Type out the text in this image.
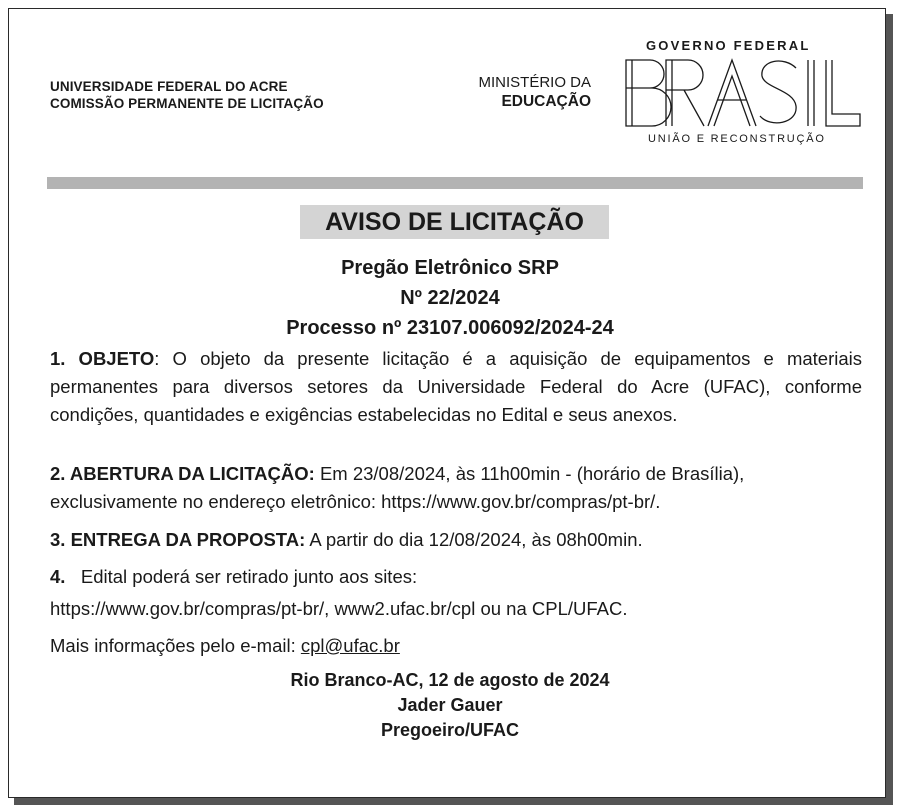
UNIVERSIDADE FEDERAL DO ACRE
COMISSÃO PERMANENTE DE LICITAÇÃO
MINISTÉRIO DA
EDUCAÇÃO
GOVERNO FEDERAL
UNIÃO E RECONSTRUÇÃO
AVISO DE LICITAÇÃO
Pregão Eletrônico SRP
Nº 22/2024
Processo nº 23107.006092/2024-24
1. OBJETO: O objeto da presente licitação é a aquisição de equipamentos e materiais permanentes para diversos setores da Universidade Federal do Acre (UFAC), conforme condições, quantidades e exigências estabelecidas no Edital e seus anexos.
2. ABERTURA DA LICITAÇÃO: Em 23/08/2024, às 11h00min - (horário de Brasília), exclusivamente no endereço eletrônico: https://www.gov.br/compras/pt-br/.
3. ENTREGA DA PROPOSTA: A partir do dia 12/08/2024, às 08h00min.
4.   Edital poderá ser retirado junto aos sites:
https://www.gov.br/compras/pt-br/, www2.ufac.br/cpl ou na CPL/UFAC.
Mais informações pelo e-mail: cpl@ufac.br
Rio Branco-AC, 12 de agosto de 2024
Jader Gauer
Pregoeiro/UFAC
